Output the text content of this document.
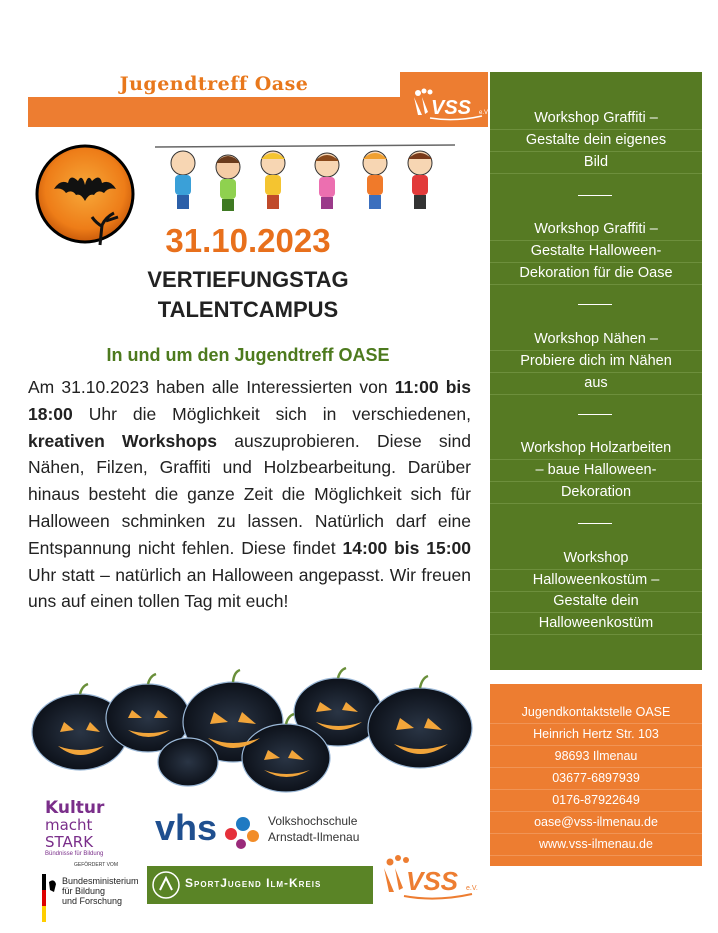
Jugendtreff Oase
VSS e.V.
31.10.2023
VERTIEFUNGSTAG
TALENTCAMPUS
In und um den Jugendtreff OASE
Am 31.10.2023 haben alle Interessierten von 11:00 bis 18:00 Uhr die Möglichkeit sich in verschiedenen, kreativen Workshops auszuprobieren. Diese sind Nähen, Filzen, Graffiti und Holzbearbeitung. Darüber hinaus besteht die ganze Zeit die Möglichkeit sich für Halloween schminken zu lassen. Natürlich darf eine Entspannung nicht fehlen. Diese findet 14:00 bis 15:00 Uhr statt – natürlich an Halloween angepasst. Wir freuen uns auf einen tollen Tag mit euch!
Workshop Graffiti –
Gestalte dein eigenes
Bild
Workshop Graffiti –
Gestalte Halloween-
Dekoration für die Oase
Workshop Nähen –
Probiere dich im Nähen
aus
Workshop Holzarbeiten
– baue Halloween-
Dekoration
Workshop
Halloweenkostüm –
Gestalte dein
Halloweenkostüm
Jugendkontaktstelle OASE
Heinrich Hertz Str. 103
98693 Ilmenau
03677-6897939
0176-87922649
oase@vss-ilmenau.de
www.vss-ilmenau.de
Kultur
macht STARK
Bündnisse für Bildung
vhs	Volkshochschule
Arnstadt-Ilmenau
GEFÖRDERT VOM
Bundesministerium
für Bildung
und Forschung
SportJugend Ilm-Kreis	VSS e.V.
